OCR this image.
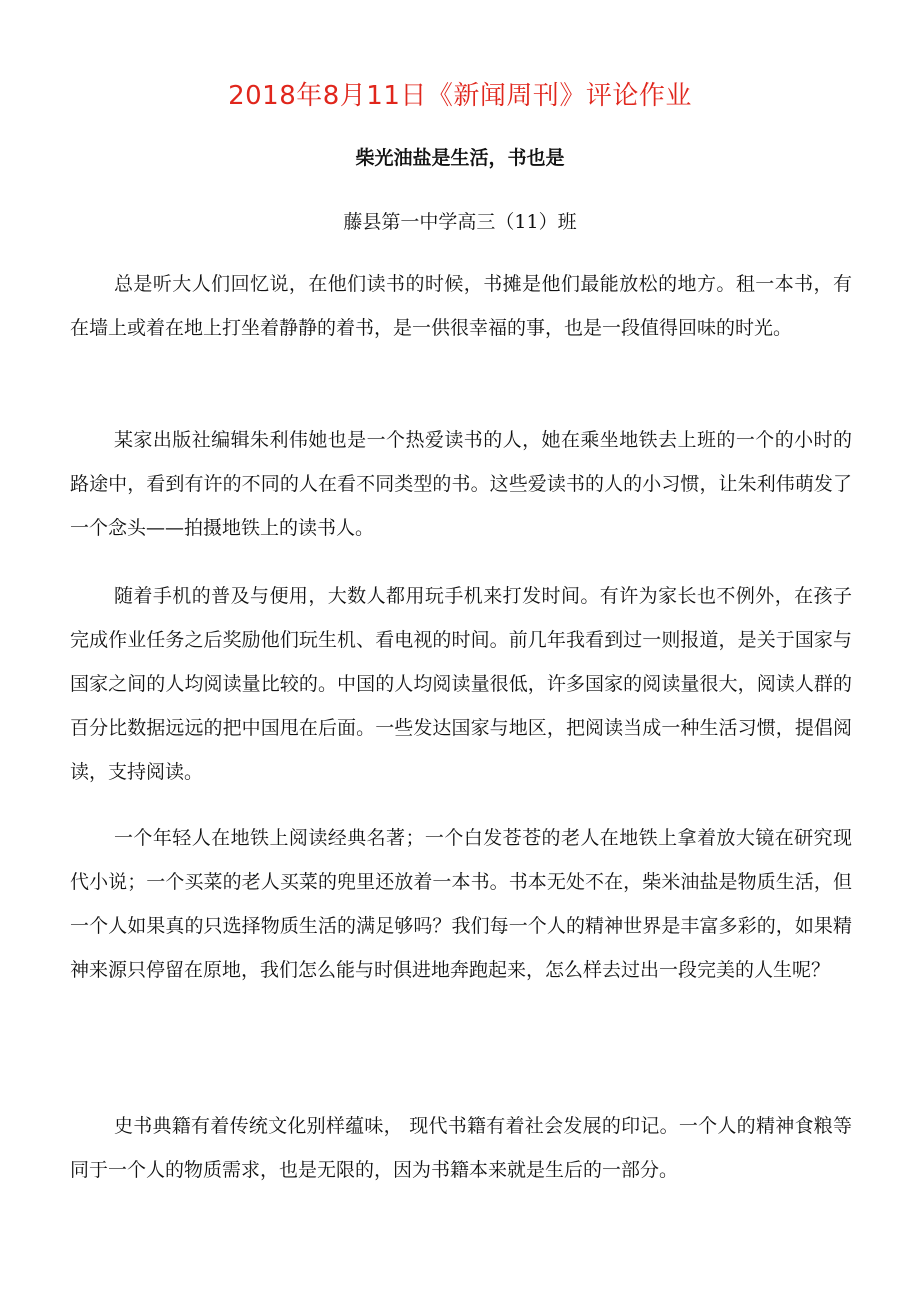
2018年8月11日《新闻周刊》评论作业
柴光油盐是生活，书也是
藤县第一中学高三（11）班

总是听大人们回忆说，在他们读书的时候，书摊是他们最能放松的地方。租一本书，有在墙上或着在地上打坐着静静的着书，是一供很幸福的事，也是一段值得回味的时光。

某家出版社编辑朱利伟她也是一个热爱读书的人，她在乘坐地铁去上班的一个的小时的路途中，看到有许的不同的人在看不同类型的书。这些爱读书的人的小习惯，让朱利伟萌发了一个念头——拍摄地铁上的读书人。

随着手机的普及与便用，大数人都用玩手机来打发时间。有许为家长也不例外，在孩子完成作业任务之后奖励他们玩生机、看电视的时间。前几年我看到过一则报道，是关于国家与国家之间的人均阅读量比较的。中国的人均阅读量很低，许多国家的阅读量很大，阅读人群的百分比数据远远的把中国甩在后面。一些发达国家与地区，把阅读当成一种生活习惯，提倡阅读，支持阅读。

一个年轻人在地铁上阅读经典名著；一个白发苍苍的老人在地铁上拿着放大镜在研究现代小说；一个买菜的老人买菜的兜里还放着一本书。书本无处不在，柴米油盐是物质生活，但一个人如果真的只选择物质生活的满足够吗？我们每一个人的精神世界是丰富多彩的，如果精神来源只停留在原地，我们怎么能与时俱进地奔跑起来，怎么样去过出一段完美的人生呢？

史书典籍有着传统文化别样蕴味， 现代书籍有着社会发展的印记。一个人的精神食粮等同于一个人的物质需求，也是无限的，因为书籍本来就是生后的一部分。
